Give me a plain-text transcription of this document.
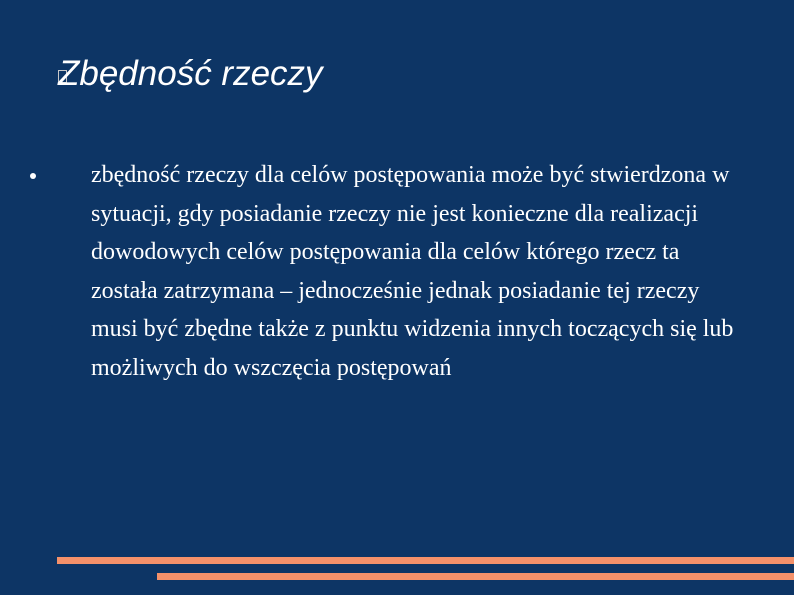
Zbędność rzeczy

zbędność rzeczy dla celów postępowania może być stwierdzona w sytuacji, gdy posiadanie rzeczy nie jest konieczne dla realizacji dowodowych celów postępowania dla celów którego rzecz ta została zatrzymana – jednocześnie jednak posiadanie tej rzeczy musi być zbędne także z punktu widzenia innych toczących się lub możliwych do wszczęcia postępowań
